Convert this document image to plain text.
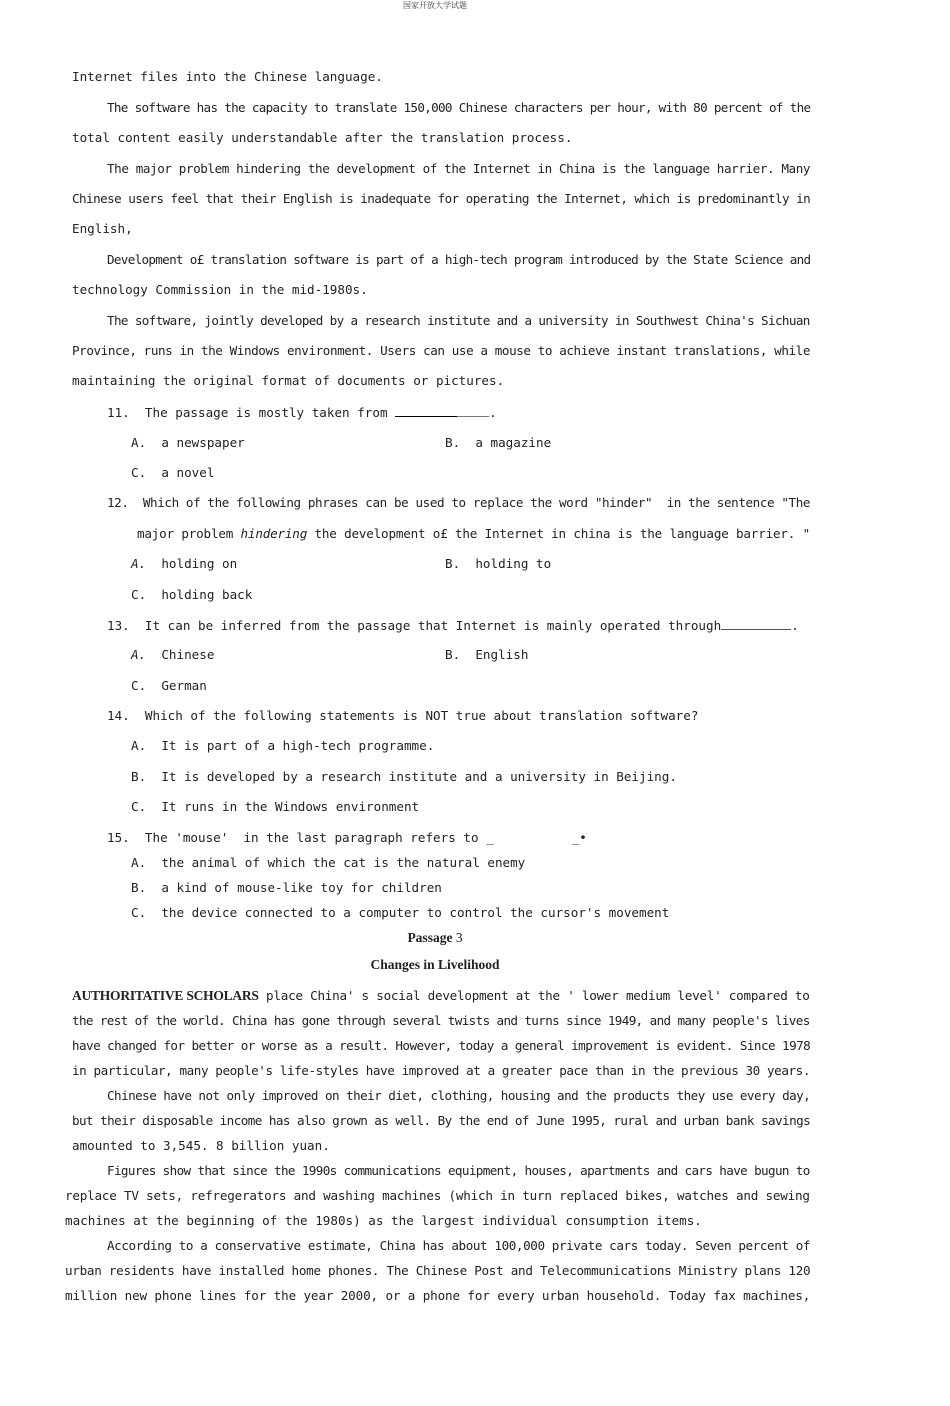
国家开放大学试题
Internet files into the Chinese language.
The software has the capacity to translate 150,000 Chinese characters per hour, with 80 percent of the
total content easily understandable after the translation process.
The major problem hindering the development of the Internet in China is the language harrier. Many
Chinese users feel that their English is inadequate for operating the Internet, which is predominantly in
English,
Development o£ translation software is part of a high-tech program introduced by the State Science and
technology Commission in the mid-1980s.
The software, jointly developed by a research institute and a university in Southwest China's Sichuan
Province, runs in the Windows environment. Users can use a mouse to achieve instant translations, while
maintaining the original format of documents or pictures.
11.  The passage is mostly taken from	.
A.  a newspaper	B.  a magazine
C.  a novel
12.  Which of the following phrases can be used to replace the word "hinder"  in the sentence "The
major problem hindering the development o£ the Internet in china is the language barrier. "
A.  holding on	B.  holding to
C.  holding back
13.  It can be inferred from the passage that Internet is mainly operated through	.
A.  Chinese	B.  English
C.  German
14.  Which of the following statements is NOT true about translation software?
A.  It is part of a high-tech programme.
B.  It is developed by a research institute and a university in Beijing.
C.  It runs in the Windows environment
15.  The 'mouse'  in the last paragraph refers to _	_•
A.  the animal of which the cat is the natural enemy
B.  a kind of mouse-like toy for children
C.  the device connected to a computer to control the cursor's movement
Passage 3
Changes in Livelihood
AUTHORITATIVE SCHOLARS place China' s social development at the ' lower medium level' compared to
the rest of the world. China has gone through several twists and turns since 1949, and many people's lives
have changed for better or worse as a result. However, today a general improvement is evident. Since 1978
in particular, many people's life-styles have improved at a greater pace than in the previous 30 years.
Chinese have not only improved on their diet, clothing, housing and the products they use every day,
but their disposable income has also grown as well. By the end of June 1995, rural and urban bank savings
amounted to 3,545. 8 billion yuan.
Figures show that since the 1990s communications equipment, houses, apartments and cars have bugun to
replace TV sets, refregerators and washing machines (which in turn replaced bikes, watches and sewing
machines at the beginning of the 1980s) as the largest individual consumption items.
According to a conservative estimate, China has about 100,000 private cars today. Seven percent of
urban residents have installed home phones. The Chinese Post and Telecommunications Ministry plans 120
million new phone lines for the year 2000, or a phone for every urban household. Today fax machines,
